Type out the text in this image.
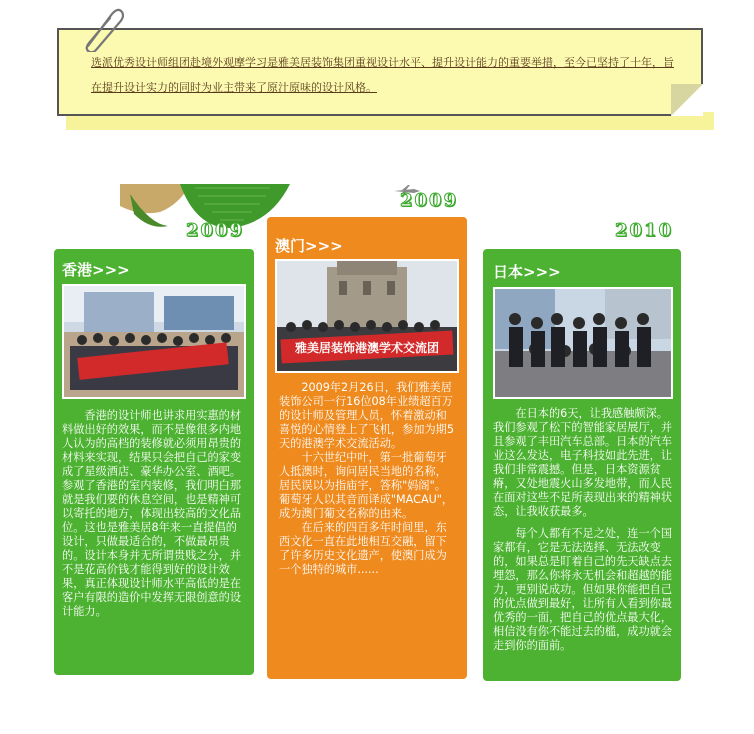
选派优秀设计师组团赴境外观摩学习是雅美居装饰集团重视设计水平、提升设计能力的重要举措，至今已坚持了十年，旨在提升设计实力的同时为业主带来了原汁原味的设计风格。

2009
香港>>>

香港的设计师也讲求用实惠的材料做出好的效果，而不是像很多内地人认为的高档的装修就必须用昂贵的材料来实现，结果只会把自己的家变成了星级酒店、豪华办公室、酒吧。

参观了香港的室内装修，我们明白那就是我们要的休息空间，也是精神可以寄托的地方，体现出较高的文化品位。这也是雅美居8年来一直提倡的设计，只做最适合的，不做最昂贵的。设计本身并无所谓贵贱之分，并不是花高价钱才能得到好的设计效果，真正体现设计师水平高低的是在客户有限的造价中发挥无限创意的设计能力。

2009
澳门>>>
雅美居装饰港澳学术交流团

2009年2月26日，我们雅美居装饰公司一行16位08年业绩超百万的设计师及管理人员，怀着激动和喜悦的心情登上了飞机，参加为期5天的港澳学术交流活动。

十六世纪中叶，第一批葡萄牙人抵澳时，询问居民当地的名称，居民误以为指庙宇，答称"妈阁"。葡萄牙人以其音而译成"MACAU"，成为澳门葡文名称的由来。

在后来的四百多年时间里，东西文化一直在此地相互交融，留下了许多历史文化遗产，使澳门成为一个独特的城市......

2010
日本>>>

在日本的6天，让我感触颇深。我们参观了松下的智能家居展厅，并且参观了丰田汽车总部。日本的汽车业这么发达，电子科技如此先进，让我们非常震撼。但是，日本资源贫瘠，又处地震火山多发地带，而人民在面对这些不足所表现出来的精神状态，让我收获最多。

每个人都有不足之处，连一个国家都有，它是无法选择、无法改变的，如果总是盯着自己的先天缺点去埋怨，那么你将永无机会和超越的能力，更别说成功。但如果你能把自己的优点做到最好，让所有人看到你最优秀的一面，把自己的优点最大化，相信没有你不能过去的槛，成功就会走到你的面前。
